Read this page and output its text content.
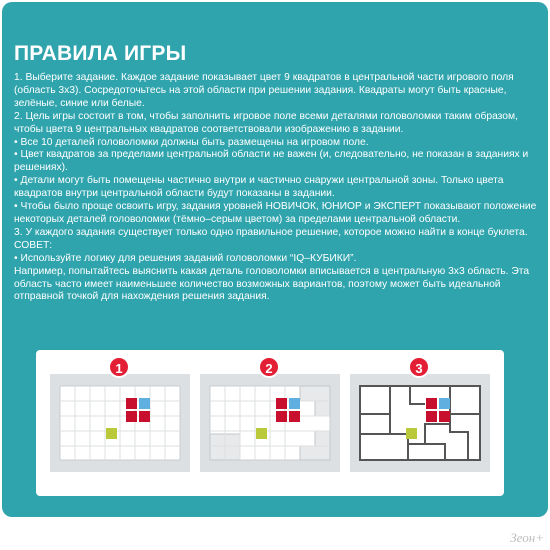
ПРАВИЛА ИГРЫ

1. Выберите задание. Каждое задание показывает цвет 9 квадратов в центральной части игрового поля (область 3x3). Сосредоточьтесь на этой области при решении задания. Квадраты могут быть красные, зелёные, синие или белые.

2. Цель игры состоит в том, чтобы заполнить игровое поле всеми деталями головоломки таким образом, чтобы цвета 9 центральных квадратов соответствовали изображению в задании.

• Все 10 деталей головоломки должны быть размещены на игровом поле.

• Цвет квадратов за пределами центральной области не важен (и, следовательно, не показан в заданиях и решениях).

• Детали могут быть помещены частично внутри и частично снаружи центральной зоны. Только цвета квадратов внутри центральной области будут показаны в задании.

• Чтобы было проще освоить игру, задания уровней НОВИЧОК, ЮНИОР и ЭКСПЕРТ показывают положение некоторых деталей головоломки (тёмно–серым цветом) за пределами центральной области.

3. У каждого задания существует только одно правильное решение, которое можно найти в конце буклета.

СОВЕТ:

• Используйте логику для решения заданий головоломки “IQ–КУБИКИ”.

Например, попытайтесь выяснить какая деталь головоломки вписывается в центральную 3x3 область. Эта область часто имеет наименьшее количество возможных вариантов, поэтому может быть идеальной отправной точкой для нахождения решения задания.

1	2	3
Зеон+
